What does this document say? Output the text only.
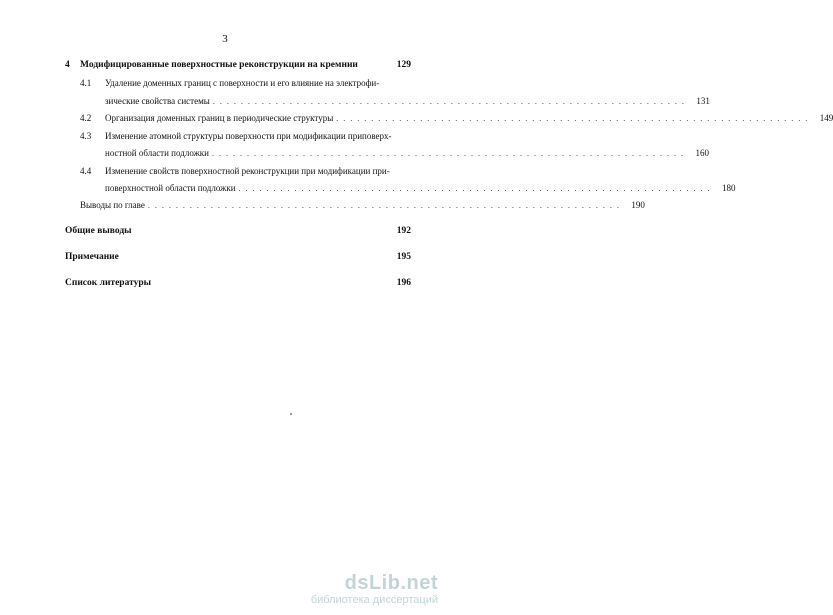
3
4	Модифицированные поверхностные реконструкции на кремнии	129
4.1	Удаление доменных границ с поверхности и его влияние на электрофи-
зические свойства системы .................................................................... 131
4.2	Организация доменных границ в периодические структуры .................................................................... 149
4.3	Изменение атомной структуры поверхности при модификации приповерх-
ностной области подложки .................................................................... 160
4.4	Изменение свойств поверхностной реконструкции при модификации при-
поверхностной области подложки .................................................................... 180
Выводы по главе .................................................................... 190
Общие выводы	192
Примечание	195
Список литературы	196
dsLib.net
библиотека диссертаций
